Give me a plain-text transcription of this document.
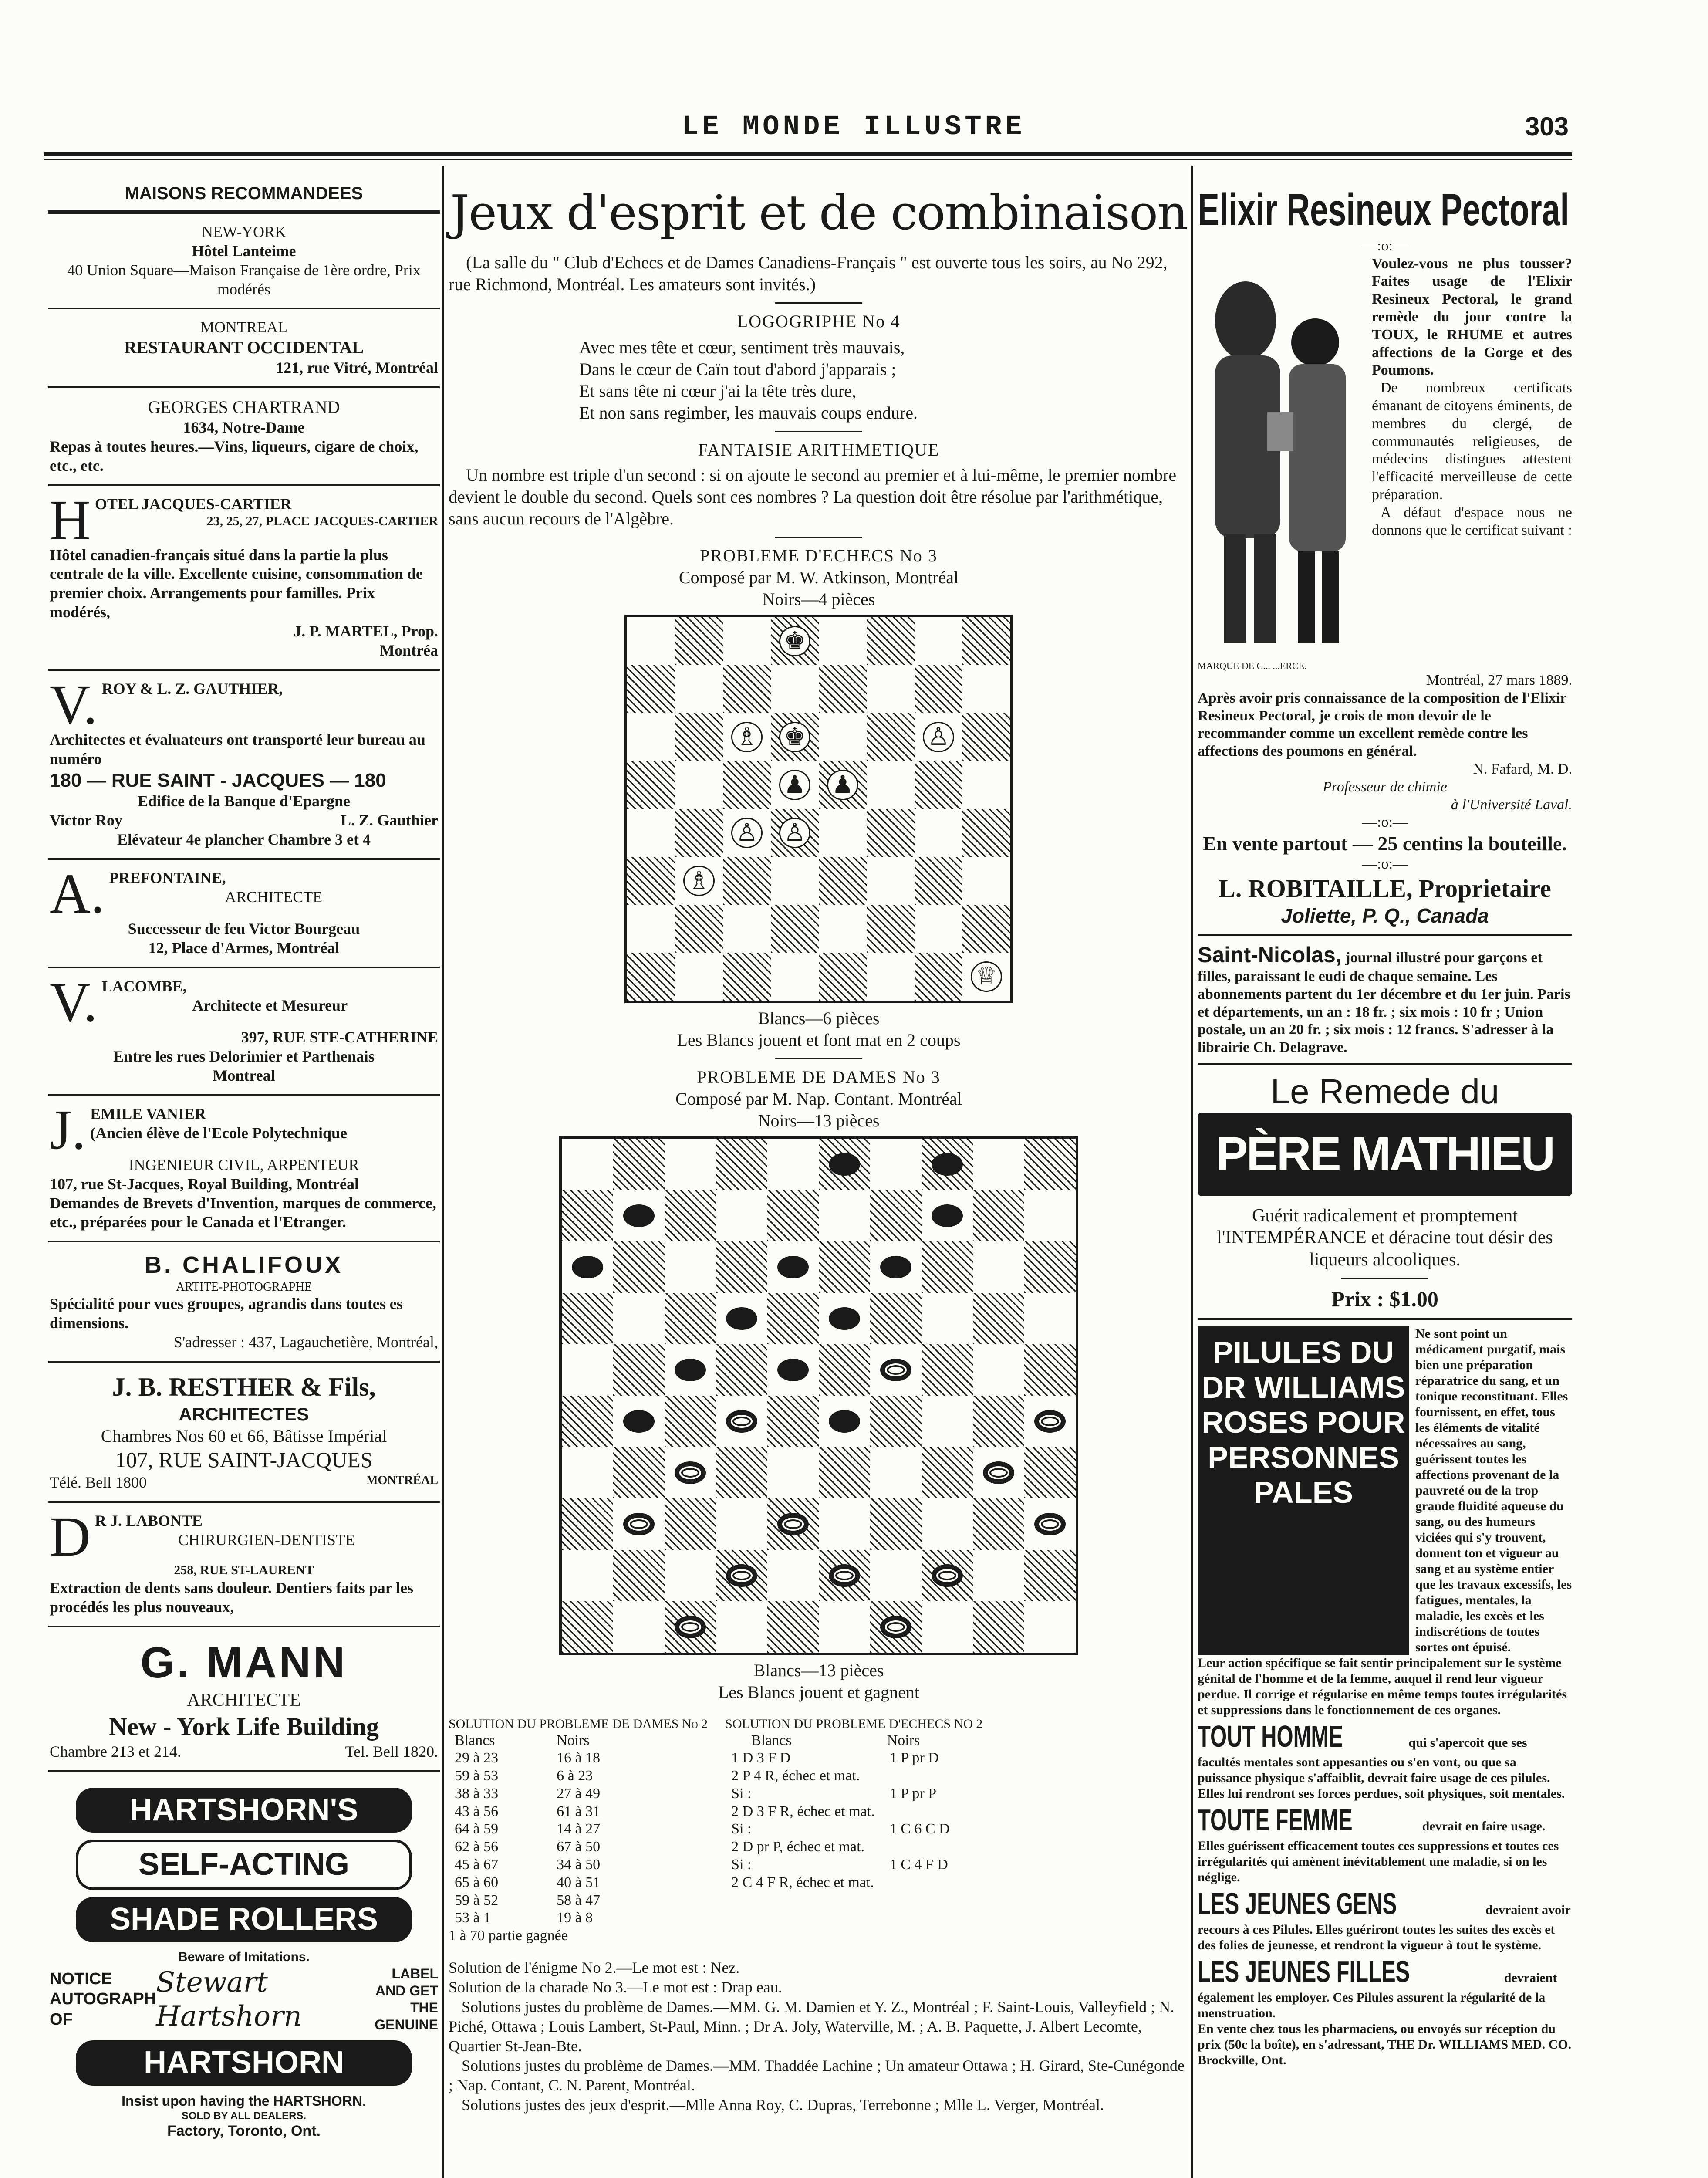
LE MONDE ILLUSTRE	303
MAISONS RECOMMANDEES
NEW-YORK
Hôtel Lanteime
40 Union Square—Maison Française de 1ère ordre, Prix modérés
MONTREAL
RESTAURANT OCCIDENTAL
121, rue Vitré, Montréal
GEORGES CHARTRAND
1634, Notre-Dame
Repas à toutes heures.—Vins, liqueurs, cigare de choix, etc., etc.
H OTEL JACQUES-CARTIER
23, 25, 27, PLACE JACQUES-CARTIER
Hôtel canadien-français situé dans la partie la plus centrale de la ville. Excellente cuisine, consommation de premier choix. Arrangements pour familles. Prix modérés,
J. P. MARTEL, Prop.
Montréa
V. ROY & L. Z. GAUTHIER,
Architectes et évaluateurs ont transporté leur bureau au numéro
180 — RUE SAINT - JACQUES — 180
Edifice de la Banque d'Epargne
Victor Roy	L. Z. Gauthier
Elévateur 4e plancher Chambre 3 et 4
A. PREFONTAINE,
ARCHITECTE
Successeur de feu Victor Bourgeau
12, Place d'Armes, Montréal
V. LACOMBE,
Architecte et Mesureur
397, RUE STE-CATHERINE
Entre les rues Delorimier et Parthenais
Montreal
J. EMILE VANIER
(Ancien élève de l'Ecole Polytechnique
INGENIEUR CIVIL, ARPENTEUR
107, rue St-Jacques, Royal Building, Montréal
Demandes de Brevets d'Invention, marques de commerce, etc., préparées pour le Canada et l'Etranger.
B. CHALIFOUX
ARTITE-PHOTOGRAPHE
Spécialité pour vues groupes, agrandis dans toutes es dimensions.
S'adresser : 437, Lagauchetière, Montréal,
J. B. RESTHER & Fils,
ARCHITECTES
Chambres Nos 60 et 66, Bâtisse Impérial
107, RUE SAINT-JACQUES
Télé. Bell 1800	MONTRÉAL
D R J. LABONTE
CHIRURGIEN-DENTISTE
258, RUE ST-LAURENT
Extraction de dents sans douleur. Dentiers faits par les procédés les plus nouveaux,
G. MANN
ARCHITECTE
New - York Life Building
Chambre 213 et 214.	Tel. Bell 1820.
HARTSHORN'S
SELF-ACTING
SHADE ROLLERS
Beware of Imitations.
NOTICE AUTOGRAPH OF
Stewart Hartshorn
LABEL AND GET THE GENUINE
HARTSHORN
Insist upon having the HARTSHORN.
SOLD BY ALL DEALERS.
Factory, Toronto, Ont.
Jeux d'esprit et de combinaison
(La salle du " Club d'Echecs et de Dames Canadiens-Français " est ouverte tous les soirs, au No 292, rue Richmond, Montréal. Les amateurs sont invités.)
LOGOGRIPHE No 4
Avec mes tête et cœur, sentiment très mauvais,
Dans le cœur de Caïn tout d'abord j'apparais ;
Et sans tête ni cœur j'ai la tête très dure,
Et non sans regimber, les mauvais coups endure.
FANTAISIE ARITHMETIQUE
Un nombre est triple d'un second : si on ajoute le second au premier et à lui-même, le premier nombre devient le double du second. Quels sont ces nombres ? La question doit être résolue par l'arithmétique, sans aucun recours de l'Algèbre.
PROBLEME D'ECHECS No 3
Composé par M. W. Atkinson, Montréal
Noirs—4 pièces
♚
♗ ♚	♙
♟ ♟
♙ ♙
♗
♕
Blancs—6 pièces
Les Blancs jouent et font mat en 2 coups
PROBLEME DE DAMES No 3
Composé par M. Nap. Contant. Montréal
Noirs—13 pièces
Blancs—13 pièces
Les Blancs jouent et gagnent
SOLUTION DU PROBLEME DE DAMES No 2
Blancs	Noirs
29 à 23	16 à 18
59 à 53	6 à 23
38 à 33	27 à 49
43 à 56	61 à 31
64 à 59	14 à 27
62 à 56	67 à 50
45 à 67	34 à 50
65 à 60	40 à 51
59 à 52	58 à 47
53 à 1	19 à 8
1 à 70 partie gagnée
SOLUTION DU PROBLEME D'ECHECS NO 2
Blancs	Noirs
1 D 3 F D	1 P pr D
2 P 4 R, échec et mat.	
Si :	1 P pr P
2 D 3 F R, échec et mat.	
Si :	1 C 6 C D
2 D pr P, échec et mat.	
Si :	1 C 4 F D
2 C 4 F R, échec et mat.	
Solution de l'énigme No 2.—Le mot est : Nez.
Solution de la charade No 3.—Le mot est : Drap eau.
Solutions justes du problème de Dames.—MM. G. M. Damien et Y. Z., Montréal ; F. Saint-Louis, Valleyfield ; N. Piché, Ottawa ; Louis Lambert, St-Paul, Minn. ; Dr A. Joly, Waterville, M. ; A. B. Paquette, J. Albert Lecomte, Quartier St-Jean-Bte.
Solutions justes du problème de Dames.—MM. Thaddée Lachine ; Un amateur Ottawa ; H. Girard, Ste-Cunégonde ; Nap. Contant, C. N. Parent, Montréal.
Solutions justes des jeux d'esprit.—Mlle Anna Roy, C. Dupras, Terrebonne ; Mlle L. Verger, Montréal.
Elixir Resineux Pectoral
—:o:—
Voulez-vous ne plus tousser? Faites usage de l'Elixir Resineux Pectoral, le grand remède du jour contre la TOUX, le RHUME et autres affections de la Gorge et des Poumons.
De nombreux certificats émanant de citoyens éminents, de membres du clergé, de communautés religieuses, de médecins distingues attestent l'efficacité merveilleuse de cette préparation.
A défaut d'espace nous ne donnons que le certificat suivant :
MARQUE DE C... ...ERCE.
Montréal, 27 mars 1889.
Après avoir pris connaissance de la composition de l'Elixir Resineux Pectoral, je crois de mon devoir de le recommander comme un excellent remède contre les affections des poumons en général.
N. Fafard, M. D.
Professeur de chimie
à l'Université Laval.
—:o:—
En vente partout — 25 centins la bouteille.
—:o:—
L. ROBITAILLE, Proprietaire
Joliette, P. Q., Canada
Saint-Nicolas, journal illustré pour garçons et filles, paraissant le eudi de chaque semaine. Les abonnements partent du 1er décembre et du 1er juin. Paris et départements, un an : 18 fr. ; six mois : 10 fr ; Union postale, un an 20 fr. ; six mois : 12 francs. S'adresser à la librairie Ch. Delagrave.
Le Remede du
PÈRE MATHIEU
Guérit radicalement et promptement l'INTEMPÉRANCE et déracine tout désir des liqueurs alcooliques.
Prix : $1.00
PILULES DU DR WILLIAMS ROSES POUR PERSONNES PALES
Ne sont point un médicament purgatif, mais bien une préparation réparatrice du sang, et un tonique reconstituant. Elles fournissent, en effet, tous les éléments de vitalité nécessaires au sang, guérissent toutes les affections provenant de la pauvreté ou de la trop grande fluidité aqueuse du sang, ou des humeurs viciées qui s'y trouvent, donnent ton et vigueur au sang et au système entier que les travaux excessifs, les fatigues, mentales, la maladie, les excès et les indiscrétions de toutes sortes ont épuisé.
Leur action spécifique se fait sentir principalement sur le système génital de l'homme et de la femme, auquel il rend leur vigueur perdue. Il corrige et régularise en même temps toutes irrégularités et suppressions dans le fonctionnement de ces organes.
TOUT HOMME	qui s'apercoit que ses facultés mentales sont appesanties ou s'en vont, ou que sa puissance physique s'affaiblit, devrait faire usage de ces pilules. Elles lui rendront ses forces perdues, soit physiques, soit mentales.
TOUTE FEMME	devrait en faire usage. Elles guérissent efficacement toutes ces suppressions et toutes ces irrégularités qui amènent inévitablement une maladie, si on les néglige.
LES JEUNES GENS	devraient avoir recours à ces Pilules. Elles guériront toutes les suites des excès et des folies de jeunesse, et rendront la vigueur à tout le système.
LES JEUNES FILLES	devraient également les employer. Ces Pilules assurent la régularité de la menstruation.
En vente chez tous les pharmaciens, ou envoyés sur réception du prix (50c la boîte), en s'adressant, THE Dr. WILLIAMS MED. CO. Brockville, Ont.
